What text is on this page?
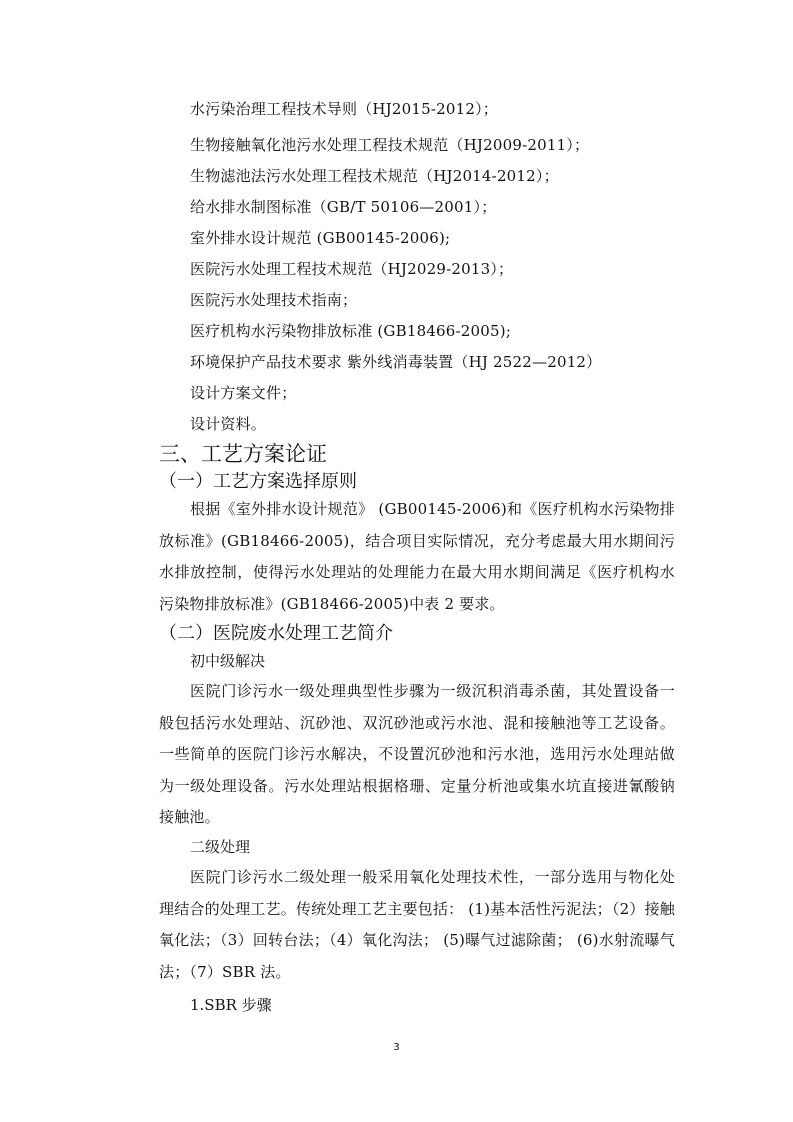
水污染治理工程技术导则（HJ2015-2012）；
生物接触氧化池污水处理工程技术规范（HJ2009-2011）；
生物滤池法污水处理工程技术规范（HJ2014-2012）；
给水排水制图标准（GB/T 50106—2001）；
室外排水设计规范 (GB00145-2006);
医院污水处理工程技术规范（HJ2029-2013）；
医院污水处理技术指南；
医疗机构水污染物排放标准 (GB18466-2005);
环境保护产品技术要求 紫外线消毒装置（HJ 2522—2012）
设计方案文件；
设计资料。
三、工艺方案论证
（一）工艺方案选择原则
根据《室外排水设计规范》 (GB00145-2006)和《医疗机构水污染物排放标准》(GB18466-2005)，结合项目实际情况，充分考虑最大用水期间污水排放控制，使得污水处理站的处理能力在最大用水期间满足《医疗机构水污染物排放标准》(GB18466-2005)中表 2 要求。
（二）医院废水处理工艺简介
初中级解决
医院门诊污水一级处理典型性步骤为一级沉积消毒杀菌，其处置设备一般包括污水处理站、沉砂池、双沉砂池或污水池、混和接触池等工艺设备。一些简单的医院门诊污水解决，不设置沉砂池和污水池，选用污水处理站做为一级处理设备。污水处理站根据格珊、定量分析池或集水坑直接进氰酸钠接触池。
二级处理
医院门诊污水二级处理一般采用氧化处理技术性，一部分选用与物化处理结合的处理工艺。传统处理工艺主要包括： (1)基本活性污泥法；（2）接触氧化法；（3）回转台法；（4）氧化沟法； (5)曝气过滤除菌； (6)水射流曝气法；（7）SBR 法。
1.SBR 步骤
3
